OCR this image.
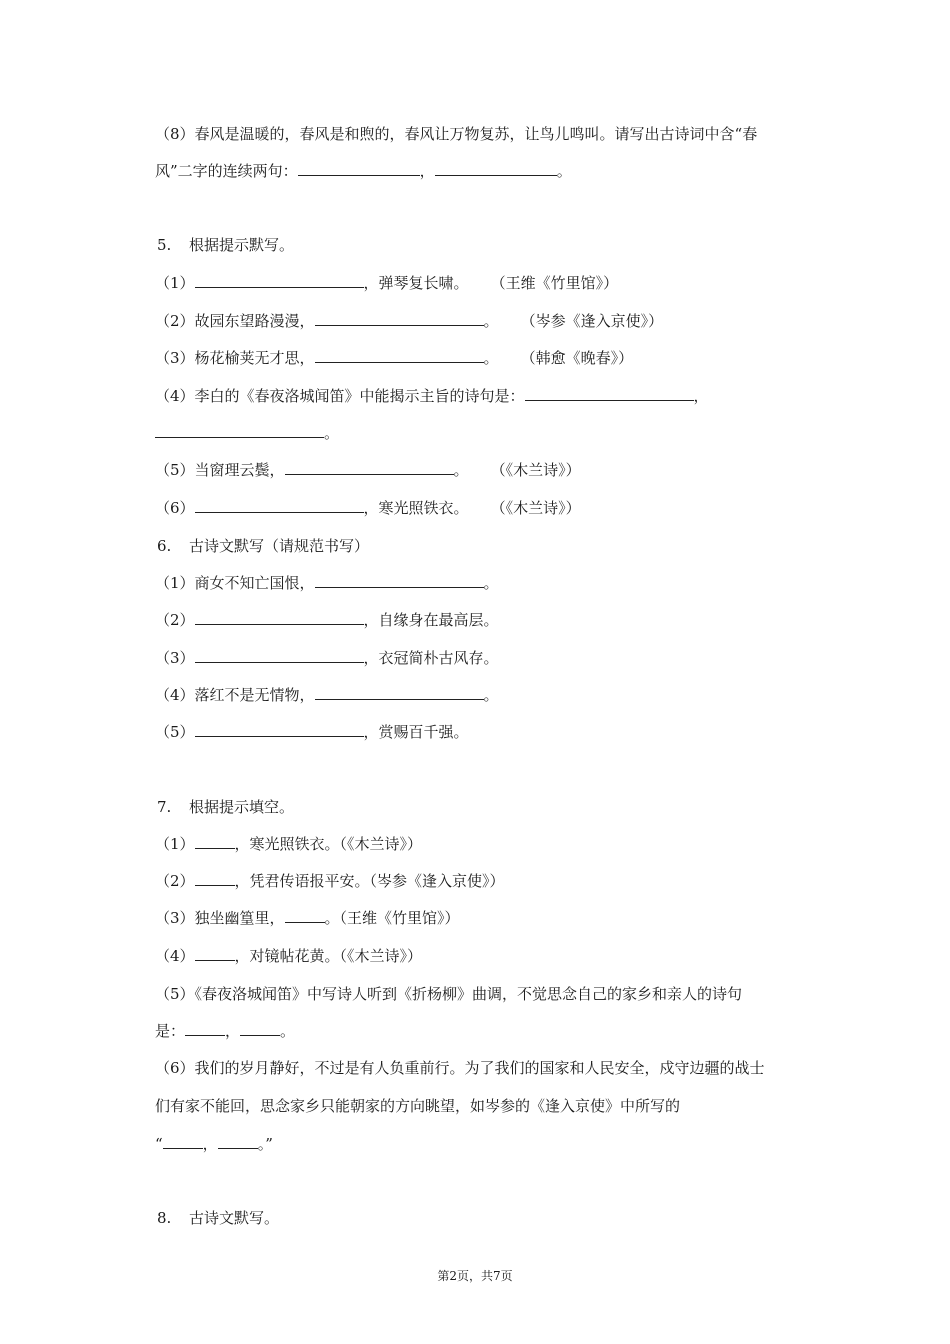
（8）春风是温暖的，春风是和煦的，春风让万物复苏，让鸟儿鸣叫。请写出古诗词中含“春
风”二字的连续两句：	，	。
5. 根据提示默写。
（1）	，弹琴复长啸。 （王维《竹里馆》）
（2）故园东望路漫漫，	。 （岑参《逢入京使》）
（3）杨花榆荚无才思，	。 （韩愈《晚春》）
（4）李白的《春夜洛城闻笛》中能揭示主旨的诗句是：	，
。
（5）当窗理云鬓，	。 （《木兰诗》）
（6）	，寒光照铁衣。 （《木兰诗》）
6. 古诗文默写（请规范书写）
（1）商女不知亡国恨，	。
（2）	，自缘身在最高层。
（3）	，衣冠简朴古风存。
（4）落红不是无情物，	。
（5）	，赏赐百千强。
7. 根据提示填空。
（1）	，寒光照铁衣。（《木兰诗》）
（2）	，凭君传语报平安。（岑参《逢入京使》）
（3）独坐幽篁里，	。（王维《竹里馆》）
（4）	，对镜帖花黄。（《木兰诗》）
（5）《春夜洛城闻笛》中写诗人听到《折杨柳》曲调，不觉思念自己的家乡和亲人的诗句
是：	，	。
（6）我们的岁月静好，不过是有人负重前行。为了我们的国家和人民安全，戍守边疆的战士
们有家不能回，思念家乡只能朝家的方向眺望，如岑参的《逢入京使》中所写的
“	，	。”
8. 古诗文默写。
第2页，共7页
